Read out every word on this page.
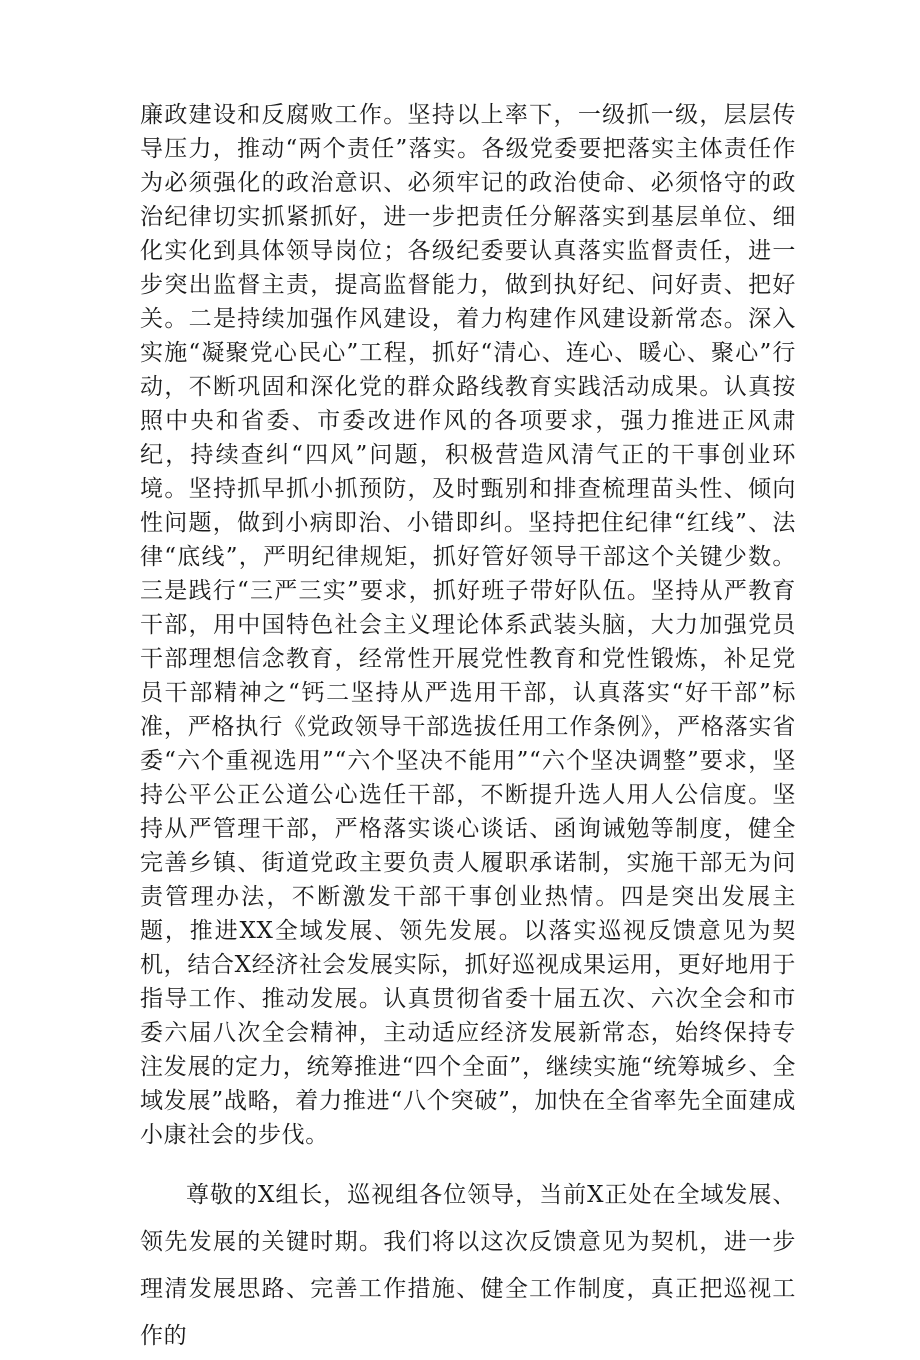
廉政建设和反腐败工作。坚持以上率下，一级抓一级，层层传导压力，推动“两个责任”落实。各级党委要把落实主体责任作为必须强化的政治意识、必须牢记的政治使命、必须恪守的政治纪律切实抓紧抓好，进一步把责任分解落实到基层单位、细化实化到具体领导岗位；各级纪委要认真落实监督责任，进一步突出监督主责，提高监督能力，做到执好纪、问好责、把好关。二是持续加强作风建设，着力构建作风建设新常态。深入实施“凝聚党心民心”工程，抓好“清心、连心、暖心、聚心”行动，不断巩固和深化党的群众路线教育实践活动成果。认真按照中央和省委、市委改进作风的各项要求，强力推进正风肃纪，持续查纠“四风”问题，积极营造风清气正的干事创业环境。坚持抓早抓小抓预防，及时甄别和排查梳理苗头性、倾向性问题，做到小病即治、小错即纠。坚持把住纪律“红线”、法律“底线”，严明纪律规矩，抓好管好领导干部这个关键少数。三是践行“三严三实”要求，抓好班子带好队伍。坚持从严教育干部，用中国特色社会主义理论体系武装头脑，大力加强党员干部理想信念教育，经常性开展党性教育和党性锻炼，补足党员干部精神之“钙二坚持从严选用干部，认真落实“好干部”标准，严格执行《党政领导干部选拔任用工作条例》，严格落实省委“六个重视选用”“六个坚决不能用”“六个坚决调整”要求，坚持公平公正公道公心选任干部，不断提升选人用人公信度。坚持从严管理干部，严格落实谈心谈话、函询诫勉等制度，健全完善乡镇、街道党政主要负责人履职承诺制，实施干部无为问责管理办法，不断激发干部干事创业热情。四是突出发展主题，推进XX全域发展、领先发展。以落实巡视反馈意见为契机，结合X经济社会发展实际，抓好巡视成果运用，更好地用于指导工作、推动发展。认真贯彻省委十届五次、六次全会和市委六届八次全会精神，主动适应经济发展新常态，始终保持专注发展的定力，统筹推进“四个全面”，继续实施“统筹城乡、全域发展”战略，着力推进“八个突破”，加快在全省率先全面建成小康社会的步伐。

尊敬的X组长，巡视组各位领导，当前X正处在全域发展、领先发展的关键时期。我们将以这次反馈意见为契机，进一步理清发展思路、完善工作措施、健全工作制度，真正把巡视工作的
